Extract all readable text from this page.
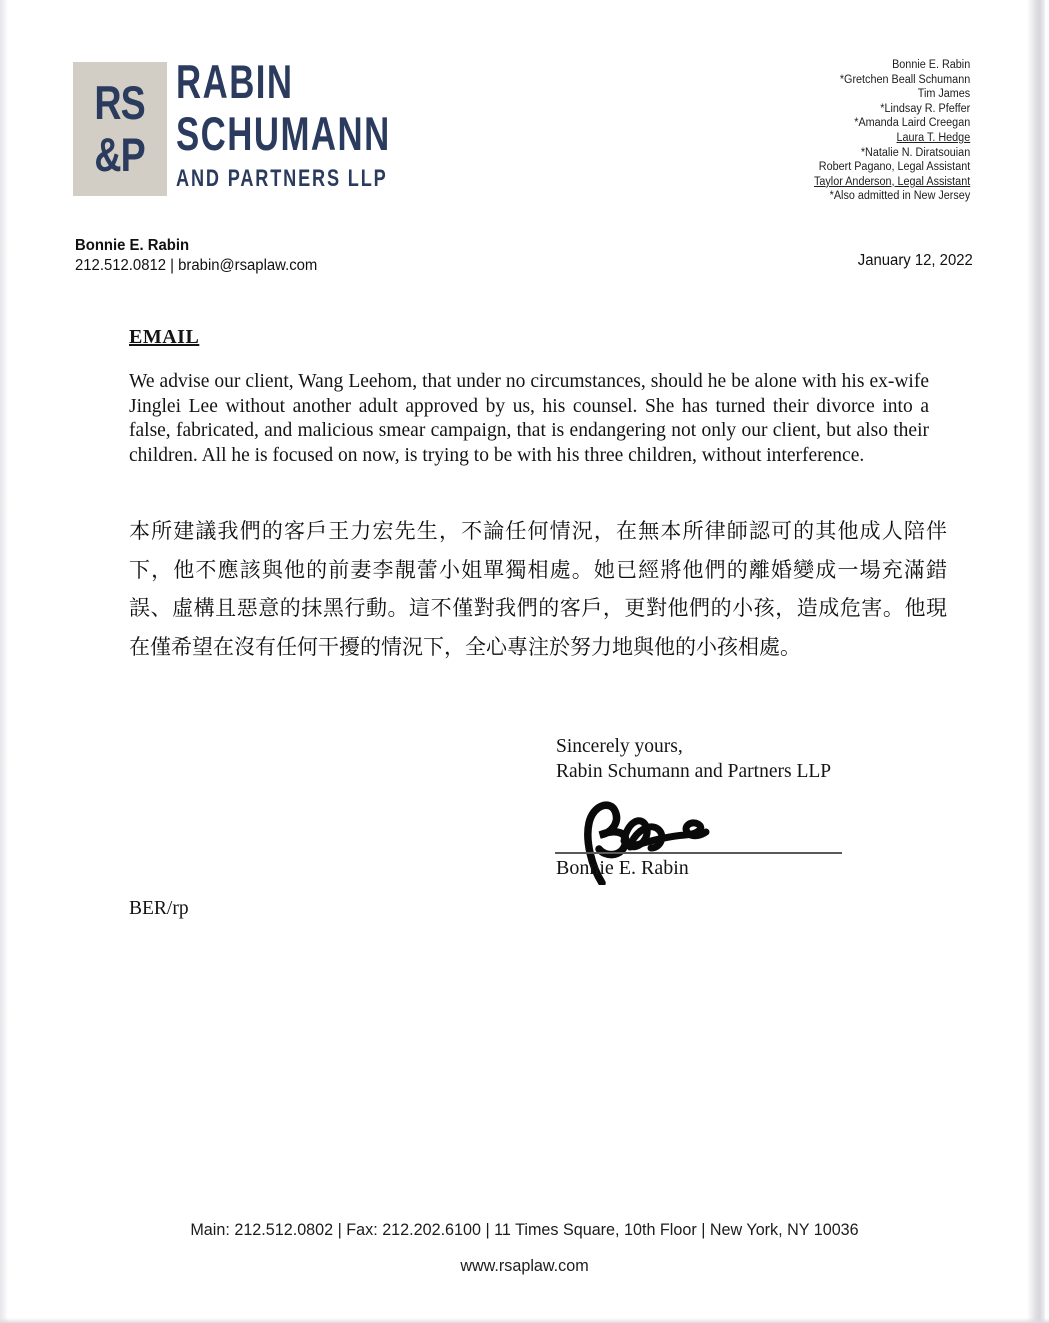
RS
&P
RABIN
SCHUMANN
AND PARTNERS LLP
Bonnie E. Rabin
*Gretchen Beall Schumann
Tim James
*Lindsay R. Pfeffer
*Amanda Laird Creegan
Laura T. Hedge
*Natalie N. Diratsouian
Robert Pagano, Legal Assistant
Taylor Anderson, Legal Assistant
*Also admitted in New Jersey
Bonnie E. Rabin
212.512.0812 | brabin@rsaplaw.com	January 12, 2022
EMAIL

We advise our client, Wang Leehom, that under no circumstances, should he be alone with his ex-wife Jinglei Lee without another adult approved by us, his counsel. She has turned their divorce into a false, fabricated, and malicious smear campaign, that is endangering not only our client, but also their children. All he is focused on now, is trying to be with his three children, without interference.

本所建議我們的客戶王力宏先生，不論任何情況，在無本所律師認可的其他成人陪伴下，他不應該與他的前妻李靚蕾小姐單獨相處。她已經將他們的離婚變成一場充滿錯誤、虛構且惡意的抹黑行動。這不僅對我們的客戶，更對他們的小孩，造成危害。他現在僅希望在沒有任何干擾的情況下，全心專注於努力地與他的小孩相處。

Sincerely yours,
Rabin Schumann and Partners LLP
Bonnie E. Rabin
BER/rp
Main: 212.512.0802 | Fax: 212.202.6100 | 11 Times Square, 10th Floor | New York, NY 10036
www.rsaplaw.com
